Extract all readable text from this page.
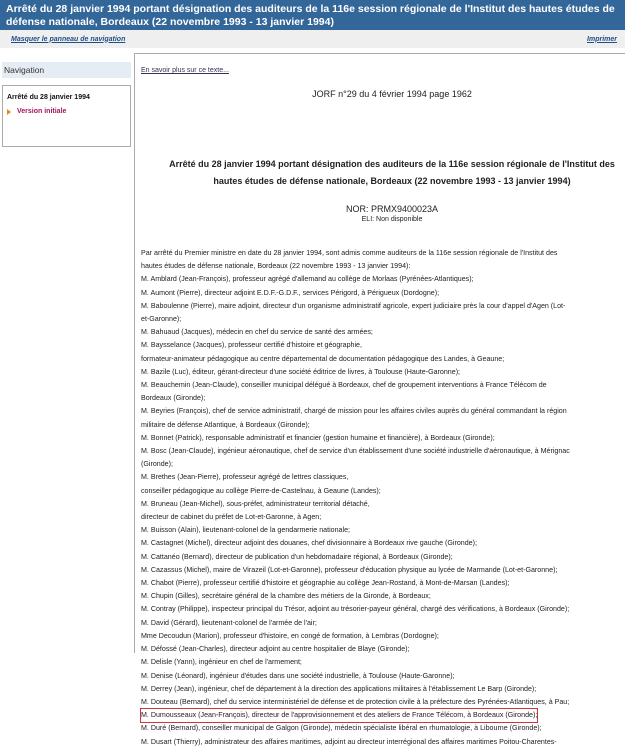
Arrêté du 28 janvier 1994 portant désignation des auditeurs de la 116e session régionale de l'Institut des hautes études de défense nationale, Bordeaux (22 novembre 1993 - 13 janvier 1994)
Masquer le panneau de navigation	Imprimer
Navigation
Arrêté du 28 janvier 1994
Version initiale
En savoir plus sur ce texte...
JORF n°29 du 4 février 1994 page 1962
Arrêté du 28 janvier 1994 portant désignation des auditeurs de la 116e session régionale de l'Institut des hautes études de défense nationale, Bordeaux (22 novembre 1993 - 13 janvier 1994)
NOR: PRMX9400023A
ELI: Non disponible
Par arrêté du Premier ministre en date du 28 janvier 1994, sont admis comme auditeurs de la 116e session régionale de l'Institut des
hautes études de défense nationale, Bordeaux (22 novembre 1993 - 13 janvier 1994):
M. Amblard (Jean-François), professeur agrégé d'allemand au collège de Morlaas (Pyrénées-Atlantiques);
M. Aumont (Pierre), directeur adjoint E.D.F.-G.D.F., services Périgord, à Périgueux (Dordogne);
M. Baboulenne (Pierre), maire adjoint, directeur d'un organisme administratif agricole, expert judiciaire près la cour d'appel d'Agen (Lot-
et-Garonne);
M. Bahuaud (Jacques), médecin en chef du service de santé des armées;
M. Baysselance (Jacques), professeur certifié d'histoire et géographie,
formateur-animateur pédagogique au centre départemental de documentation pédagogique des Landes, à Geaune;
M. Bazile (Luc), éditeur, gérant-directeur d'une société éditrice de livres, à Toulouse (Haute-Garonne);
M. Beauchemin (Jean-Claude), conseiller municipal délégué à Bordeaux, chef de groupement interventions à France Télécom de
Bordeaux (Gironde);
M. Beyries (François), chef de service administratif, chargé de mission pour les affaires civiles auprès du général commandant la région
militaire de défense Atlantique, à Bordeaux (Gironde);
M. Bonnet (Patrick), responsable administratif et financier (gestion humaine et financière), à Bordeaux (Gironde);
M. Bosc (Jean-Claude), ingénieur aéronautique, chef de service d'un établissement d'une société industrielle d'aéronautique, à Mérignac
(Gironde);
M. Brethes (Jean-Pierre), professeur agrégé de lettres classiques,
conseiller pédagogique au collège Pierre-de-Castelnau, à Geaune (Landes);
M. Bruneau (Jean-Michel), sous-préfet, administrateur territorial détaché,
directeur de cabinet du préfet de Lot-et-Garonne, à Agen;
M. Buisson (Alain), lieutenant-colonel de la gendarmerie nationale;
M. Castagnet (Michel), directeur adjoint des douanes, chef divisionnaire à Bordeaux rive gauche (Gironde);
M. Cattanéo (Bernard), directeur de publication d'un hebdomadaire régional, à Bordeaux (Gironde);
M. Cazassus (Michel), maire de Virazeil (Lot-et-Garonne), professeur d'éducation physique au lycée de Marmande (Lot-et-Garonne);
M. Chabot (Pierre), professeur certifié d'histoire et géographie au collège Jean-Rostand, à Mont-de-Marsan (Landes);
M. Chupin (Gilles), secrétaire général de la chambre des métiers de la Gironde, à Bordeaux;
M. Contray (Philippe), inspecteur principal du Trésor, adjoint au trésorier-payeur général, chargé des vérifications, à Bordeaux (Gironde);
M. David (Gérard), lieutenant-colonel de l'armée de l'air;
Mme Decoudun (Marion), professeur d'histoire, en congé de formation, à Lembras (Dordogne);
M. Défossé (Jean-Charles), directeur adjoint au centre hospitalier de Blaye (Gironde);
M. Delisle (Yann), ingénieur en chef de l'armement;
M. Denise (Léonard), ingénieur d'études dans une société industrielle, à Toulouse (Haute-Garonne);
M. Derrey (Jean), ingénieur, chef de département à la direction des applications militaires à l'établissement Le Barp (Gironde);
M. Douteau (Bernard), chef du service interministériel de défense et de protection civile à la préfecture des Pyrénées-Atlantiques, à Pau;
M. Dumousseaux (Jean-François), directeur de l'approvisionnement et des ateliers de France Télécom, à Bordeaux (Gironde);
M. Duré (Bernard), conseiller municipal de Galgon (Gironde), médecin spécialiste libéral en rhumatologie, à Libourne (Gironde);
M. Dusart (Thierry), administrateur des affaires maritimes, adjoint au directeur interrégional des affaires maritimes Poitou-Charentes-
